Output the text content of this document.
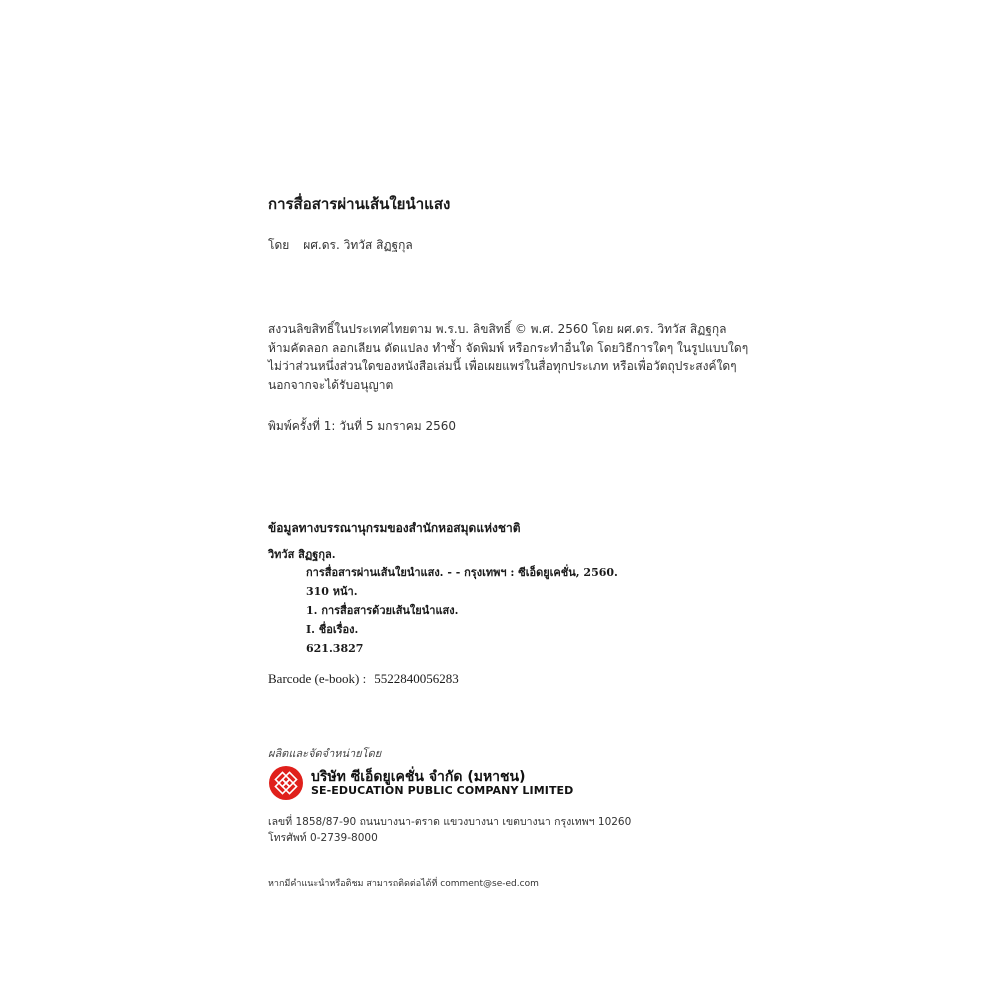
การสื่อสารผ่านเส้นใยนำแสง
โดย ผศ.ดร. วิทวัส สิฏฐกุล
สงวนลิขสิทธิ์ในประเทศไทยตาม พ.ร.บ. ลิขสิทธิ์ © พ.ศ. 2560 โดย ผศ.ดร. วิทวัส สิฏฐกุล
ห้ามคัดลอก ลอกเลียน ดัดแปลง ทำซ้ำ จัดพิมพ์ หรือกระทำอื่นใด โดยวิธีการใดๆ ในรูปแบบใดๆ
ไม่ว่าส่วนหนึ่งส่วนใดของหนังสือเล่มนี้ เพื่อเผยแพร่ในสื่อทุกประเภท หรือเพื่อวัตถุประสงค์ใดๆ
นอกจากจะได้รับอนุญาต
พิมพ์ครั้งที่ 1: วันที่ 5 มกราคม 2560
ข้อมูลทางบรรณานุกรมของสำนักหอสมุดแห่งชาติ
วิทวัส สิฏฐกุล.
การสื่อสารผ่านเส้นใยนำแสง. - - กรุงเทพฯ : ซีเอ็ดยูเคชั่น, 2560.
310 หน้า.
1. การสื่อสารด้วยเส้นใยนำแสง.
I. ชื่อเรื่อง.
621.3827
Barcode (e-book) : 5522840056283
ผลิตและจัดจำหน่ายโดย
บริษัท ซีเอ็ดยูเคชั่น จำกัด (มหาชน)
SE-EDUCATION PUBLIC COMPANY LIMITED
เลขที่ 1858/87-90 ถนนบางนา-ตราด แขวงบางนา เขตบางนา กรุงเทพฯ 10260
โทรศัพท์ 0-2739-8000
หากมีคำแนะนำหรือติชม สามารถติดต่อได้ที่ comment@se-ed.com
